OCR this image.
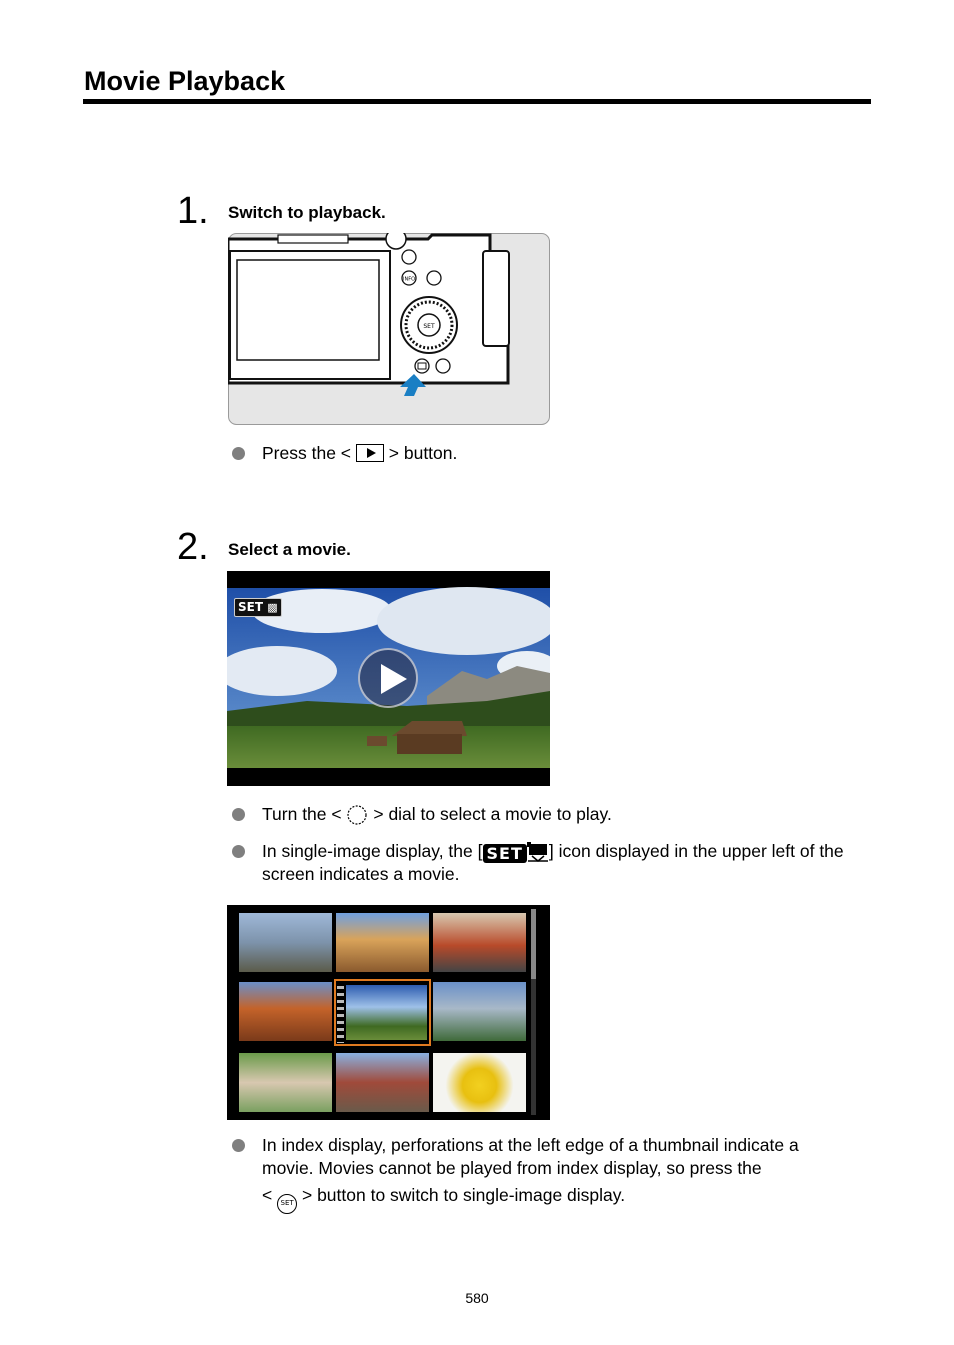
Movie Playback
1. Switch to playback.
INFO
SET
Press the < > button.
2. Select a movie.
SET ▩
Turn the < > dial to select a movie to play.
In single-image display, the [ SET ] icon displayed in the upper left of the screen indicates a movie.
In index display, perforations at the left edge of a thumbnail indicate a
movie. Movies cannot be played from index display, so press the
< SET > button to switch to single-image display.
580
